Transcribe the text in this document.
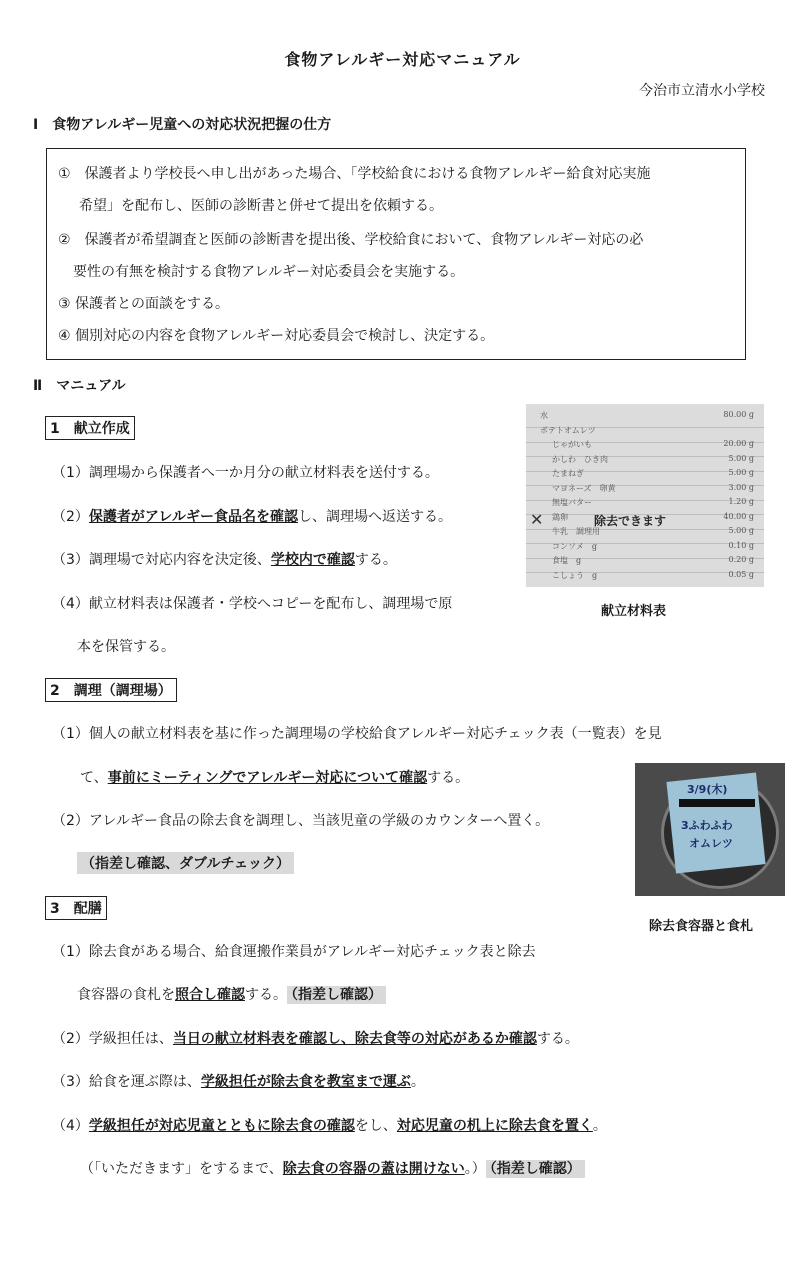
食物アレルギー対応マニュアル
今治市立清水小学校
Ⅰ　食物アレルギー児童への対応状況把握の仕方
①　保護者より学校長へ申し出があった場合、「学校給食における食物アレルギー給食対応実施
希望」を配布し、医師の診断書と併せて提出を依頼する。
②　保護者が希望調査と医師の診断書を提出後、学校給食において、食物アレルギー対応の必
要性の有無を検討する食物アレルギー対応委員会を実施する。
③ 保護者との面談をする。
④ 個別対応の内容を食物アレルギー対応委員会で検討し、決定する。
Ⅱ　マニュアル
1　献立作成
（1）調理場から保護者へ一か月分の献立材料表を送付する。
（2）保護者がアレルギー食品名を確認し、調理場へ返送する。
（3）調理場で対応内容を決定後、学校内で確認する。
（4）献立材料表は保護者・学校へコピーを配布し、調理場で原
本を保管する。
水	80.00 g
ポテトオムレツ
じゃがいも	20.00 g
かしわ　ひき肉	5.00 g
たまねぎ	5.00 g
マヨネーズ　卵黄	3.00 g
無塩バター	1.20 g
鶏卵	40.00 g
牛乳　調理用	5.00 g
コンソメ　g	0.10 g
食塩　g	0.20 g
こしょう　g	0.05 g
除去できます
✕
献立材料表
2　調理（調理場）
（1）個人の献立材料表を基に作った調理場の学校給食アレルギー対応チェック表（一覧表）を見
て、事前にミーティングでアレルギー対応について確認する。
（2）アレルギー食品の除去食を調理し、当該児童の学級のカウンターへ置く。
（指差し確認、ダブルチェック）
3/9(木)
3ふわふわ
オムレツ
除去食容器と食札
3　配膳
（1）除去食がある場合、給食運搬作業員がアレルギー対応チェック表と除去
食容器の食札を照合し確認する。 （指差し確認）
（2）学級担任は、当日の献立材料表を確認し、除去食等の対応があるか確認する。
（3）給食を運ぶ際は、学級担任が除去食を教室まで運ぶ。
（4）学級担任が対応児童とともに除去食の確認をし、対応児童の机上に除去食を置く。
（「いただきます」をするまで、除去食の容器の蓋は開けない。） （指差し確認）
